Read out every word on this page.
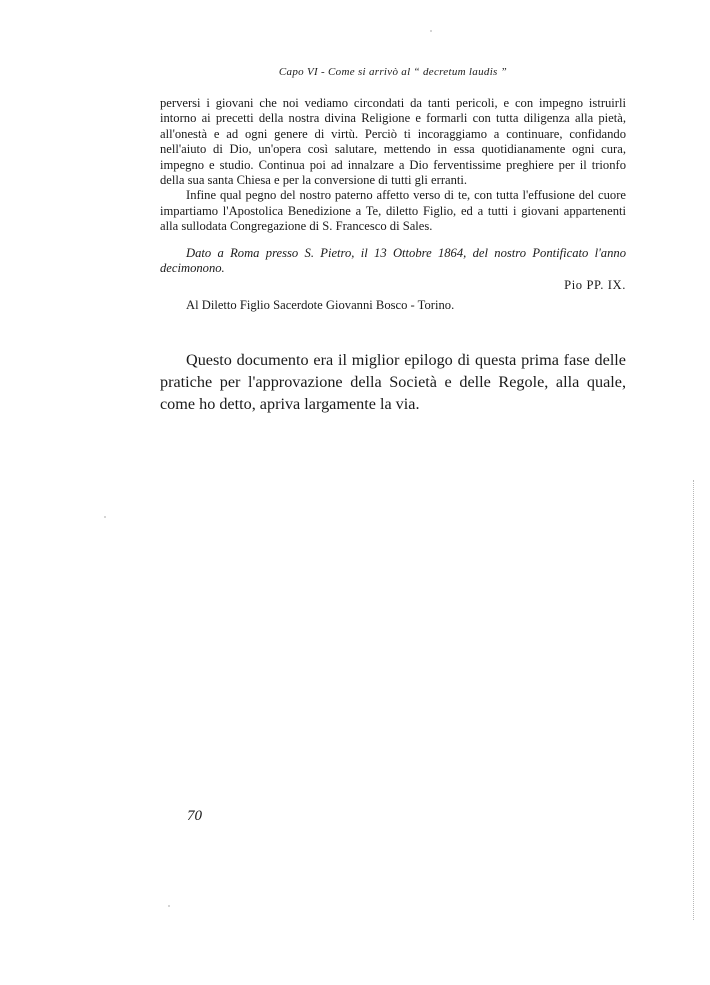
Capo VI - Come si arrivò al “ decretum laudis ”

perversi i giovani che noi vediamo circondati da tanti pericoli, e con impegno istruirli intorno ai precetti della nostra divina Religione e formarli con tutta diligenza alla pietà, all'onestà e ad ogni genere di virtù. Perciò ti incoraggiamo a continuare, confidando nell'aiuto di Dio, un'opera così salutare, mettendo in essa quotidianamente ogni cura, impegno e studio. Continua poi ad innalzare a Dio ferventissime preghiere per il trionfo della sua santa Chiesa e per la conversione di tutti gli erranti.

Infine qual pegno del nostro paterno affetto verso di te, con tutta l'effusione del cuore impartiamo l'Apostolica Benedizione a Te, diletto Figlio, ed a tutti i giovani appartenenti alla sullodata Congregazione di S. Francesco di Sales.

Dato a Roma presso S. Pietro, il 13 Ottobre 1864, del nostro Pontificato l'anno decimonono.

Pio PP. IX.

Al Diletto Figlio Sacerdote Giovanni Bosco - Torino.

Questo documento era il miglior epilogo di questa prima fase delle pratiche per l'approvazione della Società e delle Regole, alla quale, come ho detto, apriva largamente la via.

70
